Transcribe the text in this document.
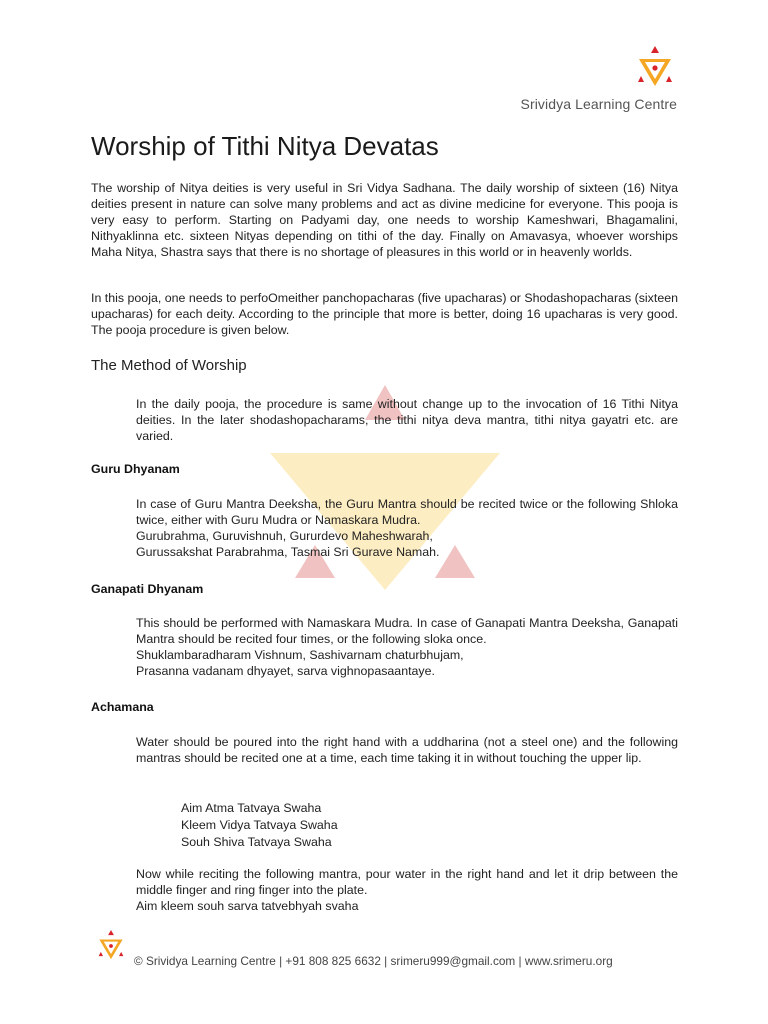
Srividya Learning Centre
Worship of Tithi Nitya Devatas

The worship of Nitya deities is very useful in Sri Vidya Sadhana. The daily worship of sixteen (16) Nitya deities present in nature can solve many problems and act as divine medicine for everyone. This pooja is very easy to perform. Starting on Padyami day, one needs to worship Kameshwari, Bhagamalini, Nithyaklinna etc. sixteen Nityas depending on tithi of the day. Finally on Amavasya, whoever worships Maha Nitya, Shastra says that there is no shortage of pleasures in this world or in heavenly worlds.

In this pooja, one needs to perfoOmeither panchopacharas (five upacharas) or Shodashopacharas (sixteen upacharas) for each deity. According to the principle that more is better, doing 16 upacharas is very good. The pooja procedure is given below.

The Method of Worship

In the daily pooja, the procedure is same without change up to the invocation of 16 Tithi Nitya deities. In the later shodashopacharams, the tithi nitya deva mantra, tithi nitya gayatri etc. are varied.

Guru Dhyanam
In case of Guru Mantra Deeksha, the Guru Mantra should be recited twice or the following Shloka twice, either with Guru Mudra or Namaskara Mudra.
Gurubrahma, Guruvishnuh, Gururdevo Maheshwarah,
Gurussakshat Parabrahma, Tasmai Sri Gurave Namah.
Ganapati Dhyanam
This should be performed with Namaskara Mudra. In case of Ganapati Mantra Deeksha, Ganapati Mantra should be recited four times, or the following sloka once.
Shuklambaradharam Vishnum, Sashivarnam chaturbhujam,
Prasanna vadanam dhyayet, sarva vighnopasaantaye.
Achamana

Water should be poured into the right hand with a uddharina (not a steel one) and the following mantras should be recited one at a time, each time taking it in without touching the upper lip.

Aim Atma Tatvaya Swaha
Kleem Vidya Tatvaya Swaha
Souh Shiva Tatvaya Swaha
Now while reciting the following mantra, pour water in the right hand and let it drip between the middle finger and ring finger into the plate.
Aim kleem souh sarva tatvebhyah svaha
© Srividya Learning Centre | +91 808 825 6632 | srimeru999@gmail.com | www.srimeru.org
